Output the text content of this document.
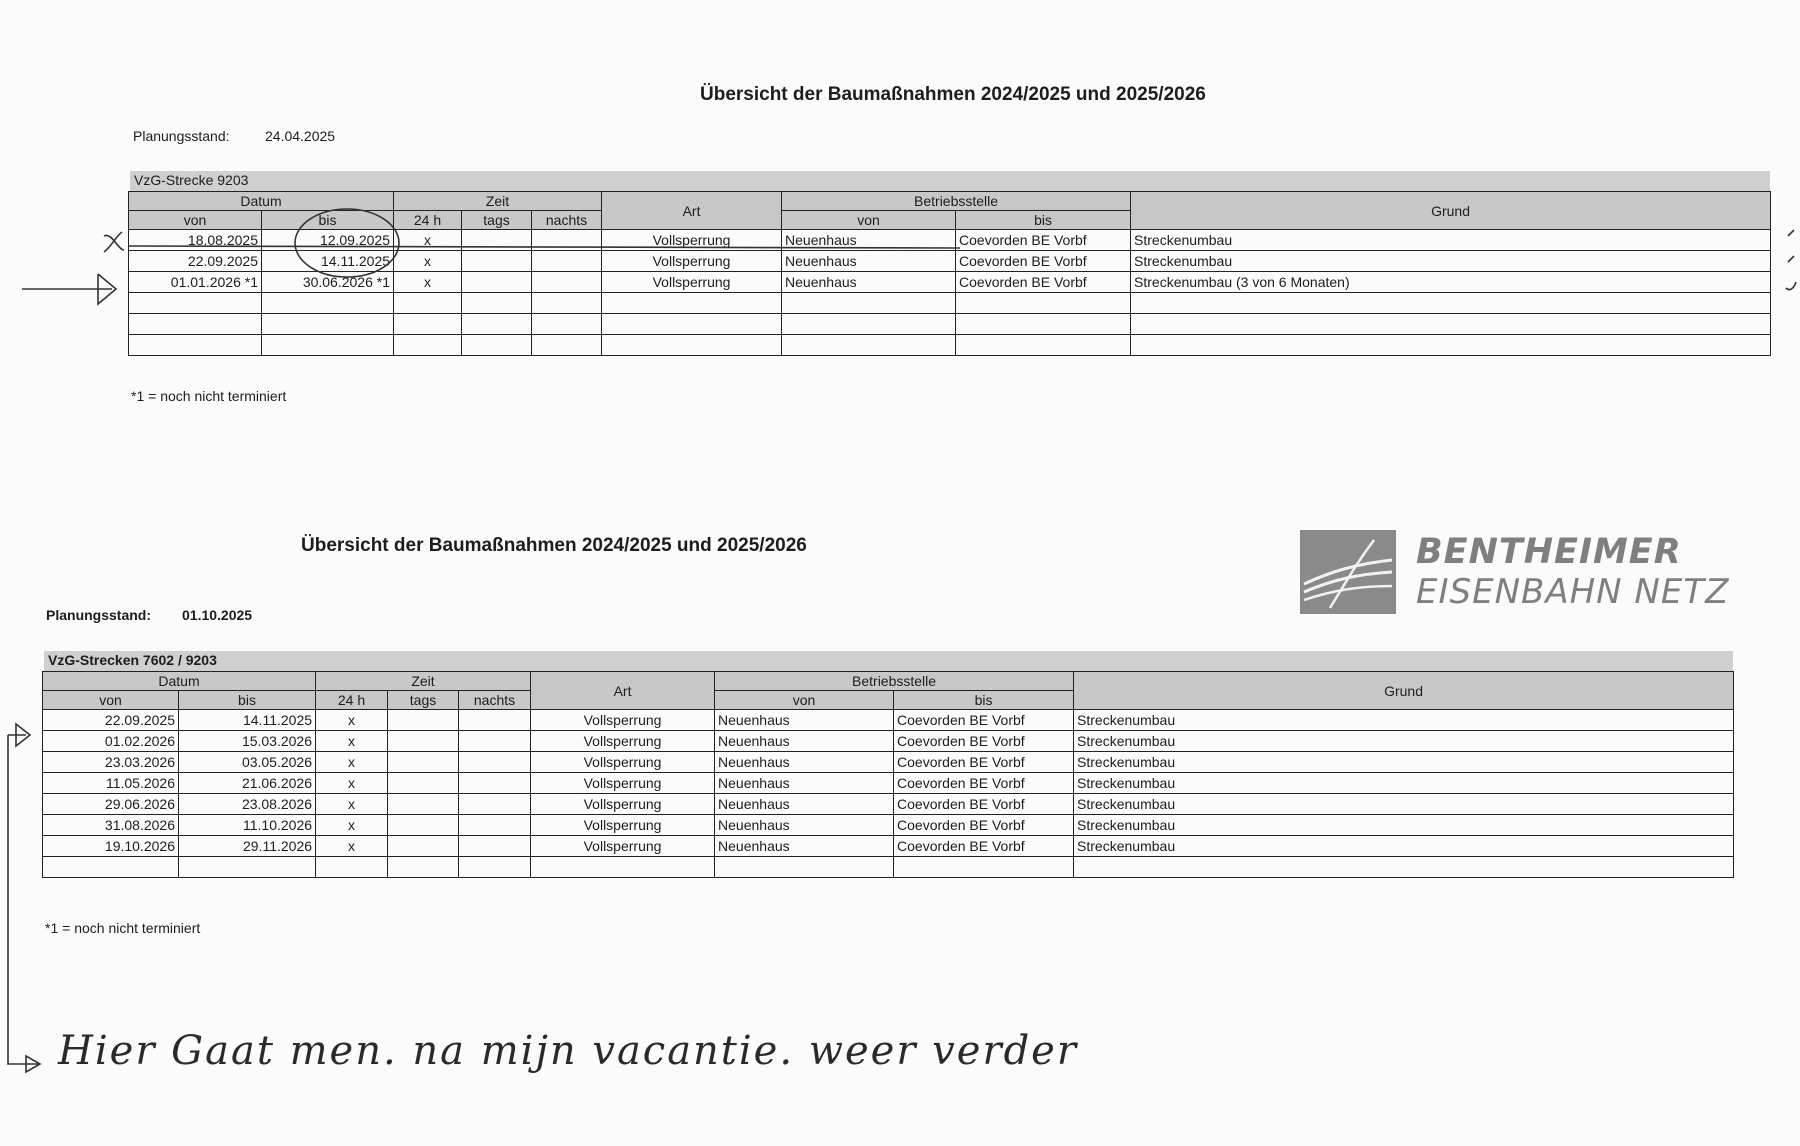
Übersicht der Baumaßnahmen 2024/2025 und 2025/2026
Planungsstand:	24.04.2025
VzG-Strecke 9203
Datum		Zeit			Art	Betriebsstelle		Grund
von	bis	24 h	tags	nachts		von	bis	
18.08.2025	12.09.2025	x			Vollsperrung	Neuenhaus	Coevorden BE Vorbf	Streckenumbau
22.09.2025	14.11.2025	x			Vollsperrung	Neuenhaus	Coevorden BE Vorbf	Streckenumbau
01.01.2026 *1	30.06.2026 *1	x			Vollsperrung	Neuenhaus	Coevorden BE Vorbf	Streckenumbau (3 von 6 Monaten)

*1 = noch nicht terminiert
Übersicht der Baumaßnahmen 2024/2025 und 2025/2026
Planungsstand: 01.10.2025
VzG-Strecken 7602 / 9203
Datum		Zeit			Art	Betriebsstelle		Grund
von	bis	24 h	tags	nachts		von	bis	
22.09.2025	14.11.2025	x			Vollsperrung	Neuenhaus	Coevorden BE Vorbf	Streckenumbau
01.02.2026	15.03.2026	x			Vollsperrung	Neuenhaus	Coevorden BE Vorbf	Streckenumbau
23.03.2026	03.05.2026	x			Vollsperrung	Neuenhaus	Coevorden BE Vorbf	Streckenumbau
11.05.2026	21.06.2026	x			Vollsperrung	Neuenhaus	Coevorden BE Vorbf	Streckenumbau
29.06.2026	23.08.2026	x			Vollsperrung	Neuenhaus	Coevorden BE Vorbf	Streckenumbau
31.08.2026	11.10.2026	x			Vollsperrung	Neuenhaus	Coevorden BE Vorbf	Streckenumbau
19.10.2026	29.11.2026	x			Vollsperrung	Neuenhaus	Coevorden BE Vorbf	Streckenumbau

*1 = noch nicht terminiert
BENTHEIMER
EISENBAHN NETZ
Hier Gaat men. na mijn vacantie. weer verder
